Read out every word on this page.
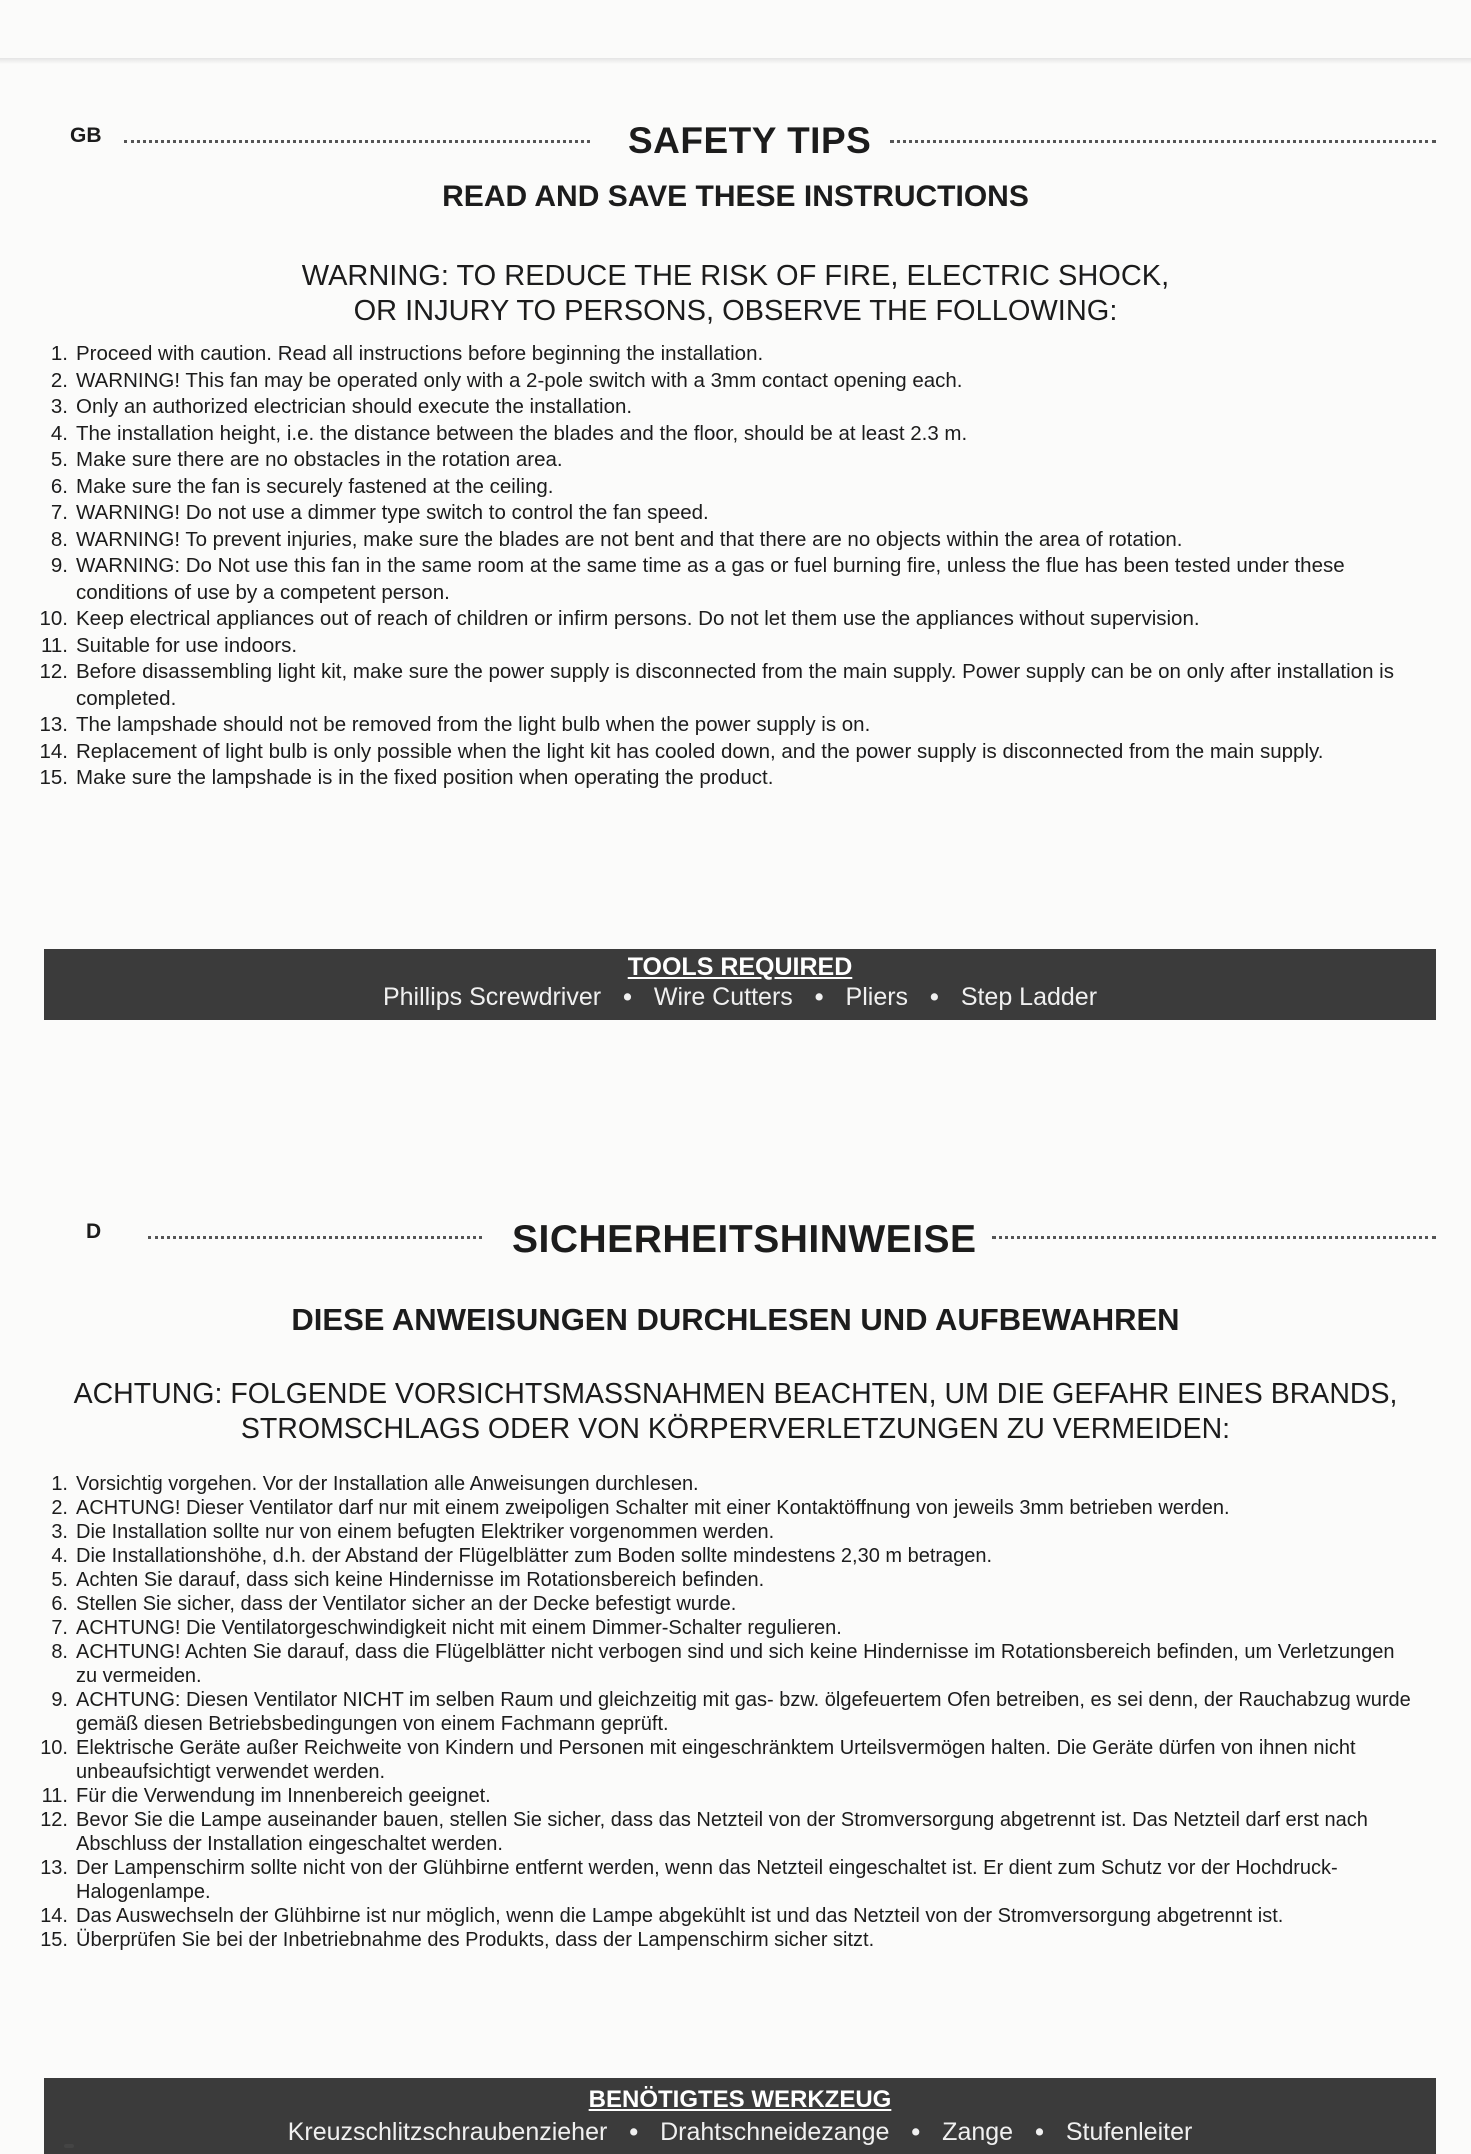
GB	SAFETY TIPS
READ AND SAVE THESE INSTRUCTIONS
WARNING: TO REDUCE THE RISK OF FIRE, ELECTRIC SHOCK,
OR INJURY TO PERSONS, OBSERVE THE FOLLOWING:
1. Proceed with caution. Read all instructions before beginning the installation.
2. WARNING! This fan may be operated only with a 2-pole switch with a 3mm contact opening each.
3. Only an authorized electrician should execute the installation.
4. The installation height, i.e. the distance between the blades and the floor, should be at least 2.3 m.
5. Make sure there are no obstacles in the rotation area.
6. Make sure the fan is securely fastened at the ceiling.
7. WARNING! Do not use a dimmer type switch to control the fan speed.
8. WARNING! To prevent injuries, make sure the blades are not bent and that there are no objects within the area of rotation.
9. WARNING: Do Not use this fan in the same room at the same time as a gas or fuel burning fire, unless the flue has been tested under these conditions of use by a competent person.
10. Keep electrical appliances out of reach of children or infirm persons. Do not let them use the appliances without supervision.
11. Suitable for use indoors.
12. Before disassembling light kit, make sure the power supply is disconnected from the main supply. Power supply can be on only after installation is completed.
13. The lampshade should not be removed from the light bulb when the power supply is on.
14. Replacement of light bulb is only possible when the light kit has cooled down, and the power supply is disconnected from the main supply.
15. Make sure the lampshade is in the fixed position when operating the product.
TOOLS REQUIRED
Phillips Screwdriver • Wire Cutters • Pliers • Step Ladder
D	SICHERHEITSHINWEISE
DIESE ANWEISUNGEN DURCHLESEN UND AUFBEWAHREN
ACHTUNG: FOLGENDE VORSICHTSMASSNAHMEN BEACHTEN, UM DIE GEFAHR EINES BRANDS,
STROMSCHLAGS ODER VON KÖRPERVERLETZUNGEN ZU VERMEIDEN:
1. Vorsichtig vorgehen. Vor der Installation alle Anweisungen durchlesen.
2. ACHTUNG! Dieser Ventilator darf nur mit einem zweipoligen Schalter mit einer Kontaktöffnung von jeweils 3mm betrieben werden.
3. Die Installation sollte nur von einem befugten Elektriker vorgenommen werden.
4. Die Installationshöhe, d.h. der Abstand der Flügelblätter zum Boden sollte mindestens 2,30 m betragen.
5. Achten Sie darauf, dass sich keine Hindernisse im Rotationsbereich befinden.
6. Stellen Sie sicher, dass der Ventilator sicher an der Decke befestigt wurde.
7. ACHTUNG! Die Ventilatorgeschwindigkeit nicht mit einem Dimmer-Schalter regulieren.
8. ACHTUNG! Achten Sie darauf, dass die Flügelblätter nicht verbogen sind und sich keine Hindernisse im Rotationsbereich befinden, um Verletzungen zu vermeiden.
9. ACHTUNG: Diesen Ventilator NICHT im selben Raum und gleichzeitig mit gas- bzw. ölgefeuertem Ofen betreiben, es sei denn, der Rauchabzug wurde gemäß diesen Betriebsbedingungen von einem Fachmann geprüft.
10. Elektrische Geräte außer Reichweite von Kindern und Personen mit eingeschränktem Urteilsvermögen halten. Die Geräte dürfen von ihnen nicht unbeaufsichtigt verwendet werden.
11. Für die Verwendung im Innenbereich geeignet.
12. Bevor Sie die Lampe auseinander bauen, stellen Sie sicher, dass das Netzteil von der Stromversorgung abgetrennt ist. Das Netzteil darf erst nach Abschluss der Installation eingeschaltet werden.
13. Der Lampenschirm sollte nicht von der Glühbirne entfernt werden, wenn das Netzteil eingeschaltet ist. Er dient zum Schutz vor der Hochdruck-Halogenlampe.
14. Das Auswechseln der Glühbirne ist nur möglich, wenn die Lampe abgekühlt ist und das Netzteil von der Stromversorgung abgetrennt ist.
15. Überprüfen Sie bei der Inbetriebnahme des Produkts, dass der Lampenschirm sicher sitzt.
BENÖTIGTES WERKZEUG
Kreuzschlitzschraubenzieher • Drahtschneidezange • Zange • Stufenleiter
